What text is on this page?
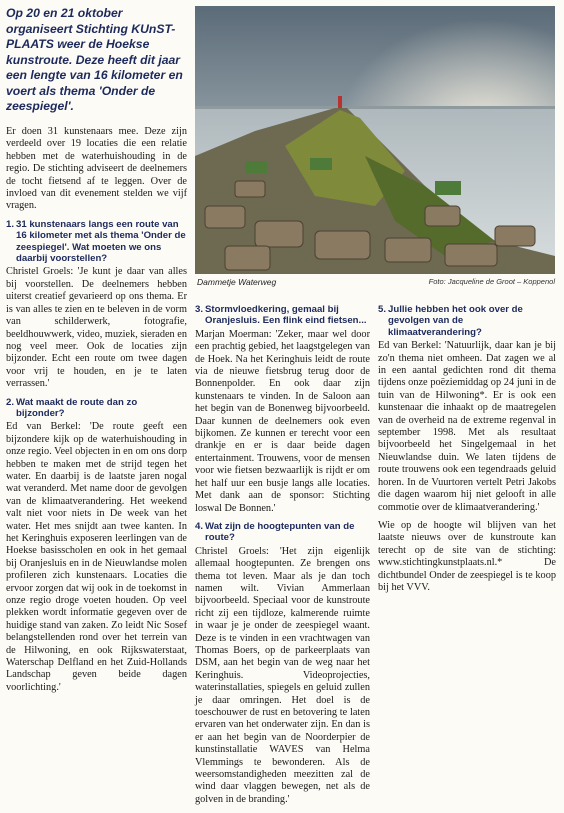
Op 20 en 21 oktober organiseert Stichting KUnST-PLAATS weer de Hoekse kunstroute. Deze heeft dit jaar een lengte van 16 kilometer en voert als thema 'Onder de zeespiegel'.
Dammetje Waterweg	Foto: Jacqueline de Groot – Koppenol

Er doen 31 kunstenaars mee. Deze zijn verdeeld over 19 locaties die een relatie hebben met de waterhuishouding in de regio. De stichting adviseert de deelnemers de tocht fietsend af te leggen. Over de invloed van dit evenement stelden we vijf vragen.

1. 31 kunstenaars langs een route van 16 kilometer met als thema 'Onder de zeespiegel'. Wat moeten we ons daarbij voorstellen?

Christel Groels: 'Je kunt je daar van alles bij voorstellen. De deelnemers hebben uiterst creatief gevarieerd op ons thema. Er is van alles te zien en te beleven in de vorm van schilderwerk, fotografie, beeldhouwwerk, video, muziek, sieraden en nog veel meer. Ook de locaties zijn bijzonder. Echt een route om twee dagen voor vrij te houden, en je te laten verrassen.'

2. Wat maakt de route dan zo bijzonder?

Ed van Berkel: 'De route geeft een bijzondere kijk op de waterhuishouding in onze regio. Veel objecten in en om ons dorp hebben te maken met de strijd tegen het water. En daarbij is de laatste jaren nogal wat veranderd. Met name door de gevolgen van de klimaatverandering. Het weekend valt niet voor niets in De week van het water. Het mes snijdt aan twee kanten. In het Keringhuis exposeren leerlingen van de Hoekse basisscholen en ook in het gemaal bij Oranjesluis en in de Nieuwlandse molen profileren zich kunstenaars. Locaties die ervoor zorgen dat wij ook in de toekomst in onze regio droge voeten houden. Op veel plekken wordt informatie gegeven over de huidige stand van zaken. Zo leidt Nic Sosef belangstellenden rond over het terrein van de Hilwoning, en ook Rijkswaterstaat, Waterschap Delfland en het Zuid-Hollands Landschap geven beide dagen voorlichting.'

3. Stormvloedkering, gemaal bij Oranjesluis. Een flink eind fietsen...

Marjan Moerman: 'Zeker, maar wel door een prachtig gebied, het laagstgelegen van de Hoek. Na het Keringhuis leidt de route via de nieuwe fietsbrug terug door de Bonnenpolder. En ook daar zijn kunstenaars te vinden. In de Saloon aan het begin van de Bonenweg bijvoorbeeld. Daar kunnen de deelnemers ook even bijkomen. Ze kunnen er terecht voor een drankje en er is daar beide dagen entertainment. Trouwens, voor de mensen voor wie fietsen bezwaarlijk is rijdt er om het half uur een busje langs alle locaties. Met dank aan de sponsor: Stichting loswal De Bonnen.'

4. Wat zijn de hoogtepunten van de route?

Christel Groels: 'Het zijn eigenlijk allemaal hoogtepunten. Ze brengen ons thema tot leven. Maar als je dan toch namen wilt. Vivian Ammerlaan bijvoorbeeld. Speciaal voor de kunstroute richt zij een tijdloze, kalmerende ruimte in waar je je onder de zeespiegel waant. Deze is te vinden in een vrachtwagen van Thomas Boers, op de parkeerplaats van DSM, aan het begin van de weg naar het Keringhuis. Videoprojecties, waterinstallaties, spiegels en geluid zullen je daar omringen. Het doel is de toeschouwer de rust en betovering te laten ervaren van het onderwater zijn. En dan is er aan het begin van de Noorderpier de kunstinstallatie WAVES van Helma Vlemmings te bewonderen. Als de weersomstandigheden meezitten zal de wind daar vlaggen bewegen, net als de golven in de branding.'

5. Jullie hebben het ook over de gevolgen van de klimaatverandering?

Ed van Berkel: 'Natuurlijk, daar kan je bij zo'n thema niet omheen. Dat zagen we al in een aantal gedichten rond dit thema tijdens onze poëziemiddag op 24 juni in de tuin van de Hilwoning*. Er is ook een kunstenaar die inhaakt op de maatregelen van de overheid na de extreme regenval in september 1998. Met als resultaat bijvoorbeeld het Singelgemaal in het Nieuwlandse duin. We laten tijdens de route trouwens ook een tegendraads geluid horen. In de Vuurtoren vertelt Petri Jakobs die dagen waarom hij niet gelooft in alle commotie over de klimaatverandering.'

Wie op de hoogte wil blijven van het laatste nieuws over de kunstroute kan terecht op de site van de stichting: www.stichtingkunstplaats.nl.* De dichtbundel Onder de zeespiegel is te koop bij het VVV.
